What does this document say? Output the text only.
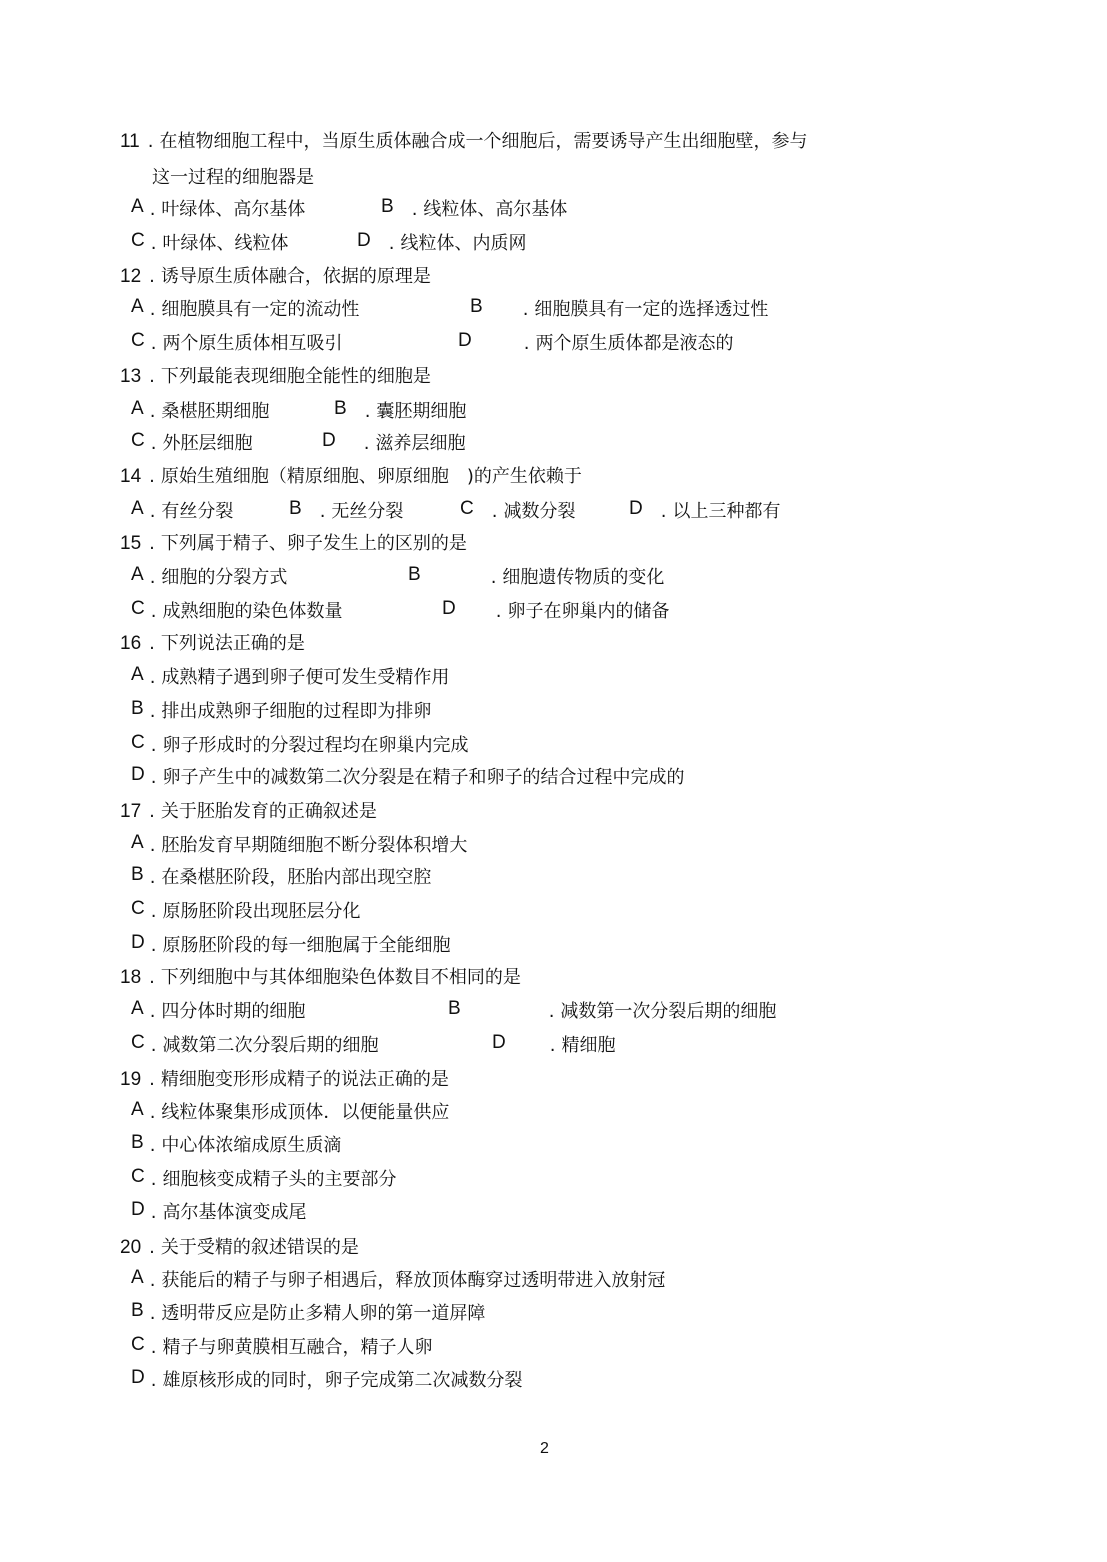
11 . 在植物细胞工程中，当原生质体融合成一个细胞后，需要诱导产生出细胞壁，参与
这一过程的细胞器是
A . 叶绿体、高尔基体	B . 线粒体、高尔基体
C . 叶绿体、线粒体	D . 线粒体、内质网
12 . 诱导原生质体融合，依据的原理是
A . 细胞膜具有一定的流动性	B . 细胞膜具有一定的选择透过性
C . 两个原生质体相互吸引	D	. 两个原生质体都是液态的
13 . 下列最能表现细胞全能性的细胞是
A . 桑椹胚期细胞	B . 囊胚期细胞
C . 外胚层细胞	D . 滋养层细胞
14 . 原始生殖细胞（精原细胞、卵原细胞　)的产生依赖于
A . 有丝分裂	B . 无丝分裂	C . 减数分裂	D . 以上三种都有
15 . 下列属于精子、卵子发生上的区别的是
A . 细胞的分裂方式	B	. 细胞遗传物质的变化
C . 成熟细胞的染色体数量	D . 卵子在卵巢内的储备
16 . 下列说法正确的是
A . 成熟精子遇到卵子便可发生受精作用
B . 排出成熟卵子细胞的过程即为排卵
C . 卵子形成时的分裂过程均在卵巢内完成
D . 卵子产生中的减数第二次分裂是在精子和卵子的结合过程中完成的
17 . 关于胚胎发育的正确叙述是
A . 胚胎发育早期随细胞不断分裂体积增大
B . 在桑椹胚阶段，胚胎内部出现空腔
C . 原肠胚阶段出现胚层分化
D . 原肠胚阶段的每一细胞属于全能细胞
18 . 下列细胞中与其体细胞染色体数目不相同的是
A . 四分体时期的细胞	B	. 减数第一次分裂后期的细胞
C . 减数第二次分裂后期的细胞	D . 精细胞
19 . 精细胞变形形成精子的说法正确的是
A . 线粒体聚集形成顶体．以便能量供应
B . 中心体浓缩成原生质滴
C . 细胞核变成精子头的主要部分
D . 高尔基体演变成尾
20 . 关于受精的叙述错误的是
A . 获能后的精子与卵子相遇后，释放顶体酶穿过透明带进入放射冠
B . 透明带反应是防止多精人卵的第一道屏障
C . 精子与卵黄膜相互融合，精子人卵
D . 雄原核形成的同时，卵子完成第二次减数分裂
2
